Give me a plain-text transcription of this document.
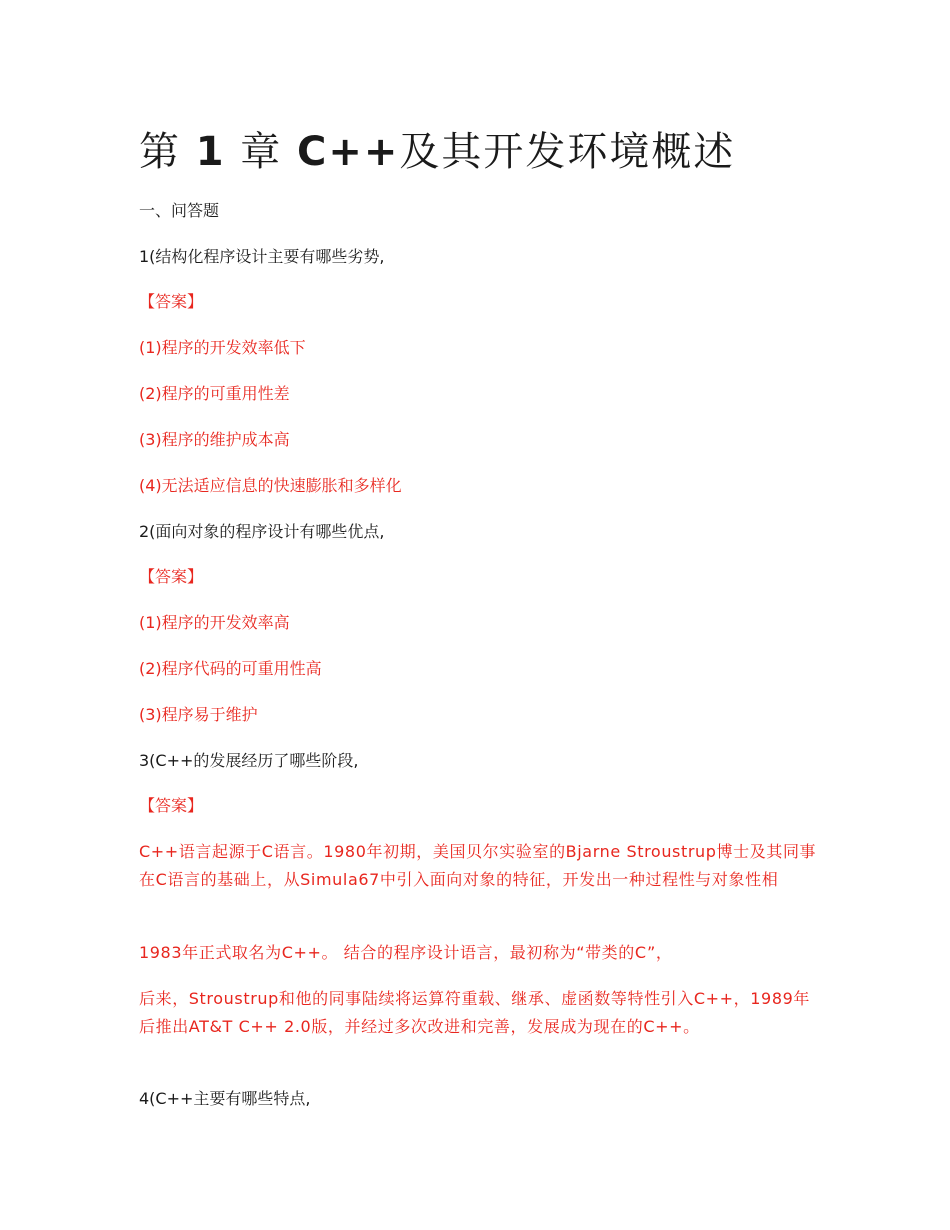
第 1 章 C++及其开发环境概述

一、问答题

1(结构化程序设计主要有哪些劣势,

【答案】

(1)程序的开发效率低下

(2)程序的可重用性差

(3)程序的维护成本高

(4)无法适应信息的快速膨胀和多样化

2(面向对象的程序设计有哪些优点,

【答案】

(1)程序的开发效率高

(2)程序代码的可重用性高

(3)程序易于维护

3(C++的发展经历了哪些阶段,

【答案】

C++语言起源于C语言。1980年初期，美国贝尔实验室的Bjarne Stroustrup博士及其同事在C语言的基础上，从Simula67中引入面向对象的特征，开发出一种过程性与对象性相

1983年正式取名为C++。 结合的程序设计语言，最初称为“带类的C”，

后来，Stroustrup和他的同事陆续将运算符重载、继承、虚函数等特性引入C++，1989年后推出AT&T C++ 2.0版，并经过多次改进和完善，发展成为现在的C++。

4(C++主要有哪些特点,
